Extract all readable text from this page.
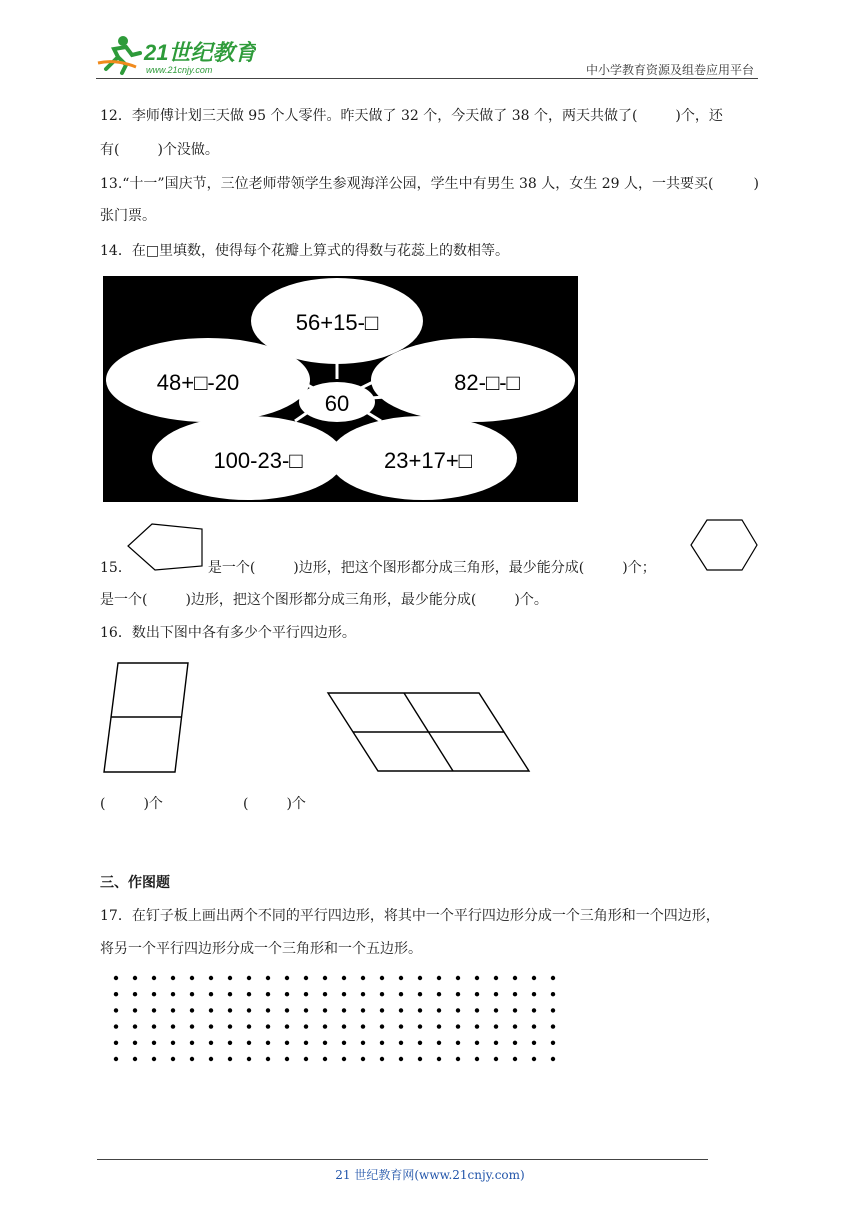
21世纪教育
www.21cnjy.com	中小学教育资源及组卷应用平台
12．李师傅计划三天做 95 个人零件。昨天做了 32 个，今天做了 38 个，两天共做了(	)个，还
有(	)个没做。
13.“十一”国庆节，三位老师带领学生参观海洋公园，学生中有男生 38 人，女生 29 人，一共要买(	)
张门票。
14．在□里填数，使得每个花瓣上算式的得数与花蕊上的数相等。
60
56+15-□
48+□-20	82-□-□
100-23-□	23+17+□
15．	是一个(	)边形，把这个图形都分成三角形，最少能分成(	)个；
是一个(	)边形，把这个图形都分成三角形，最少能分成(	)个。
16．数出下图中各有多少个平行四边形。
(	)个	(	)个
三、作图题
17．在钉子板上画出两个不同的平行四边形，将其中一个平行四边形分成一个三角形和一个四边形，
将另一个平行四边形分成一个三角形和一个五边形。
21 世纪教育网(www.21cnjy.com)
